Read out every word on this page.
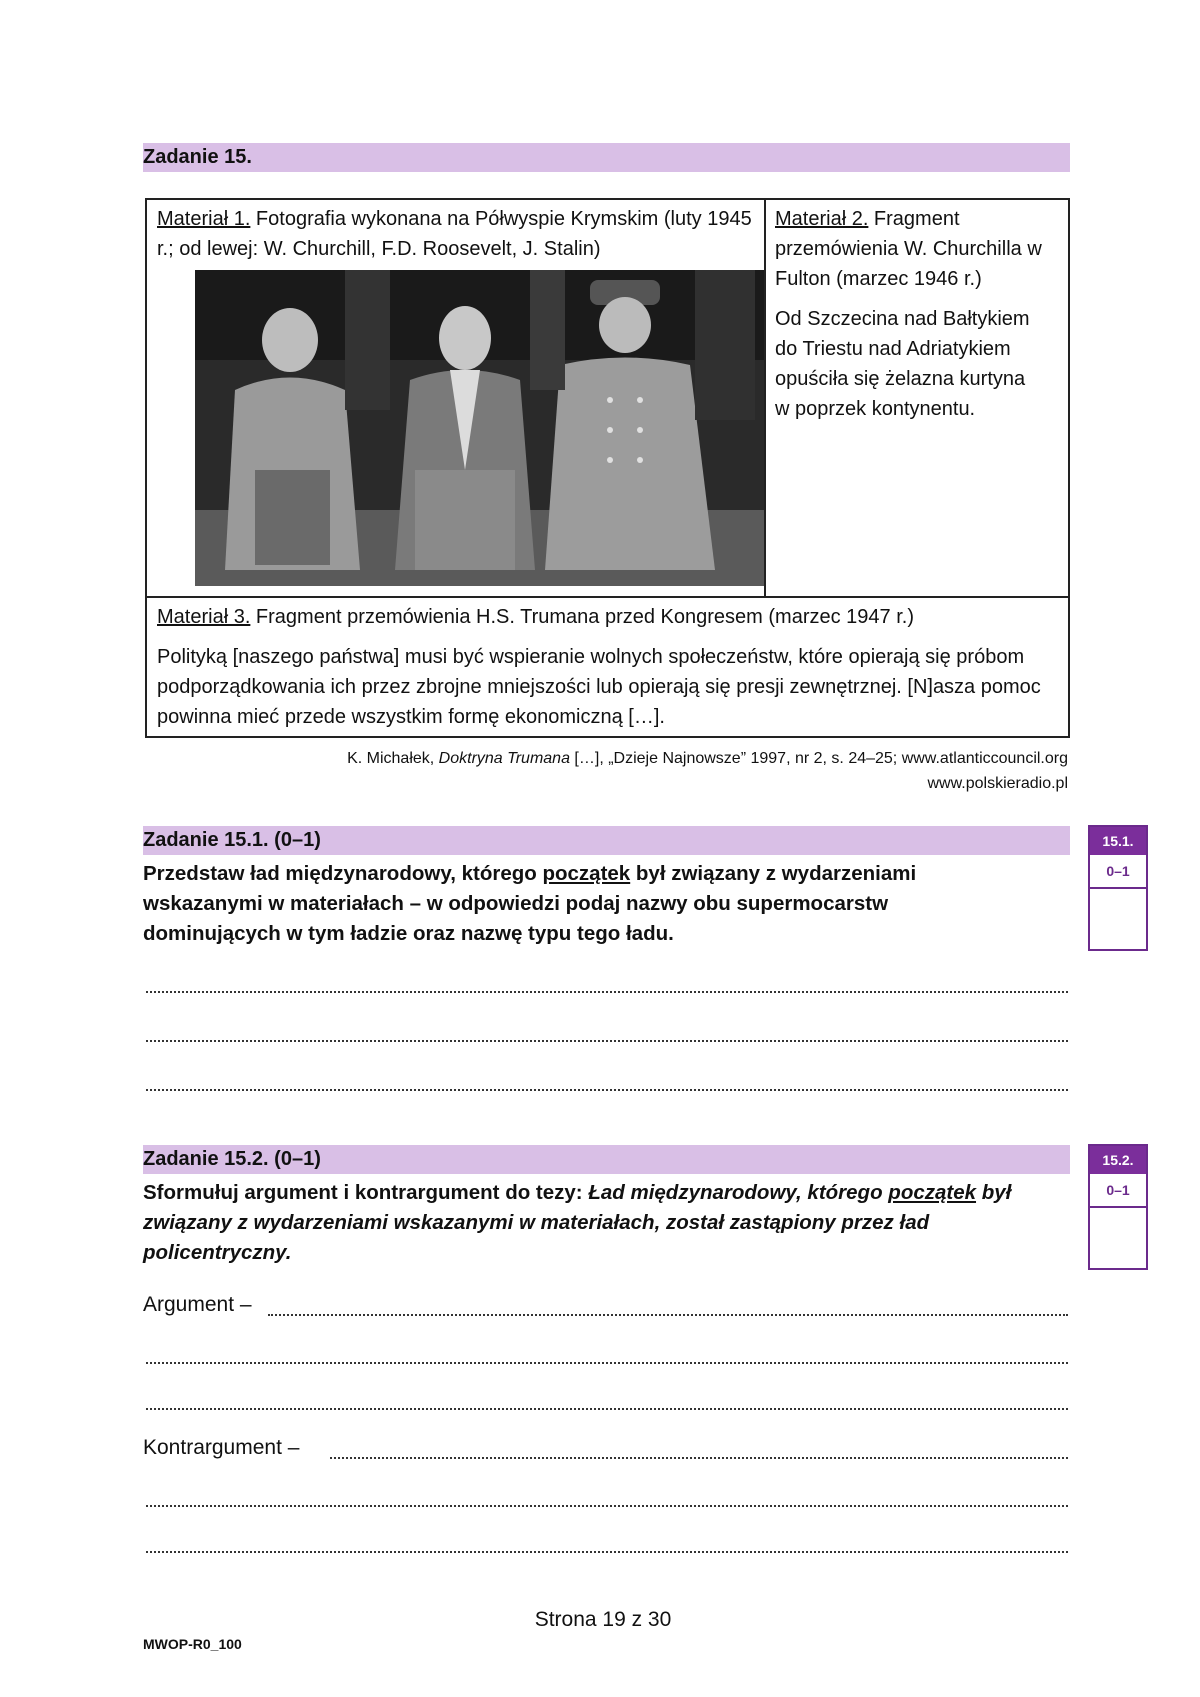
Zadanie 15.
Materiał 1. Fotografia wykonana na Półwyspie Krymskim (luty 1945 r.; od lewej: W. Churchill, F.D. Roosevelt, J. Stalin)
Materiał 2. Fragment przemówienia W. Churchilla w Fulton (marzec 1946 r.)
Od Szczecina nad Bałtykiem do Triestu nad Adriatykiem opuściła się żelazna kurtyna w poprzek kontynentu.
Materiał 3. Fragment przemówienia H.S. Trumana przed Kongresem (marzec 1947 r.)
Polityką [naszego państwa] musi być wspieranie wolnych społeczeństw, które opierają się próbom podporządkowania ich przez zbrojne mniejszości lub opierają się presji zewnętrznej. [N]asza pomoc powinna mieć przede wszystkim formę ekonomiczną […].
K. Michałek, Doktryna Trumana […], „Dzieje Najnowsze” 1997, nr 2, s. 24–25; www.atlanticcouncil.org
www.polskieradio.pl
Zadanie 15.1. (0–1)
Przedstaw ład międzynarodowy, którego początek był związany z wydarzeniami wskazanymi w materiałach – w odpowiedzi podaj nazwy obu supermocarstw dominujących w tym ładzie oraz nazwę typu tego ładu.
15.1.
0–1
Zadanie 15.2. (0–1)
Sformułuj argument i kontrargument do tezy: Ład międzynarodowy, którego początek był związany z wydarzeniami wskazanymi w materiałach, został zastąpiony przez ład policentryczny.
15.2.
0–1
Argument –
Kontrargument –
Strona 19 z 30
MWOP-R0_100
